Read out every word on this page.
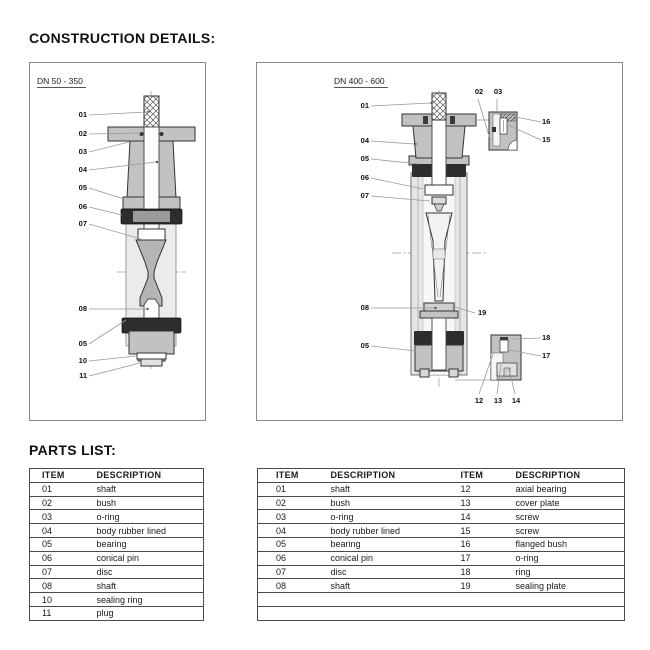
CONSTRUCTION DETAILS:
DN 50 - 350
01
02
03
04
05
06
07
08
05
10
11
DN 400 - 600
01
04
05
06
07
08
05
02	03
16
15
19
18
17
12	13	14
PARTS LIST:
ITEM	DESCRIPTION
01	shaft
02	bush
03	o-ring
04	body rubber lined
05	bearing
06	conical pin
07	disc
08	shaft
10	sealing ring
11	plug
ITEM	DESCRIPTION	ITEM	DESCRIPTION
01	shaft	12	axial bearing
02	bush	13	cover plate
03	o-ring	14	screw
04	body rubber lined	15	screw
05	bearing	16	flanged bush
06	conical pin	17	o-ring
07	disc	18	ring
08	shaft	19	sealing plate
